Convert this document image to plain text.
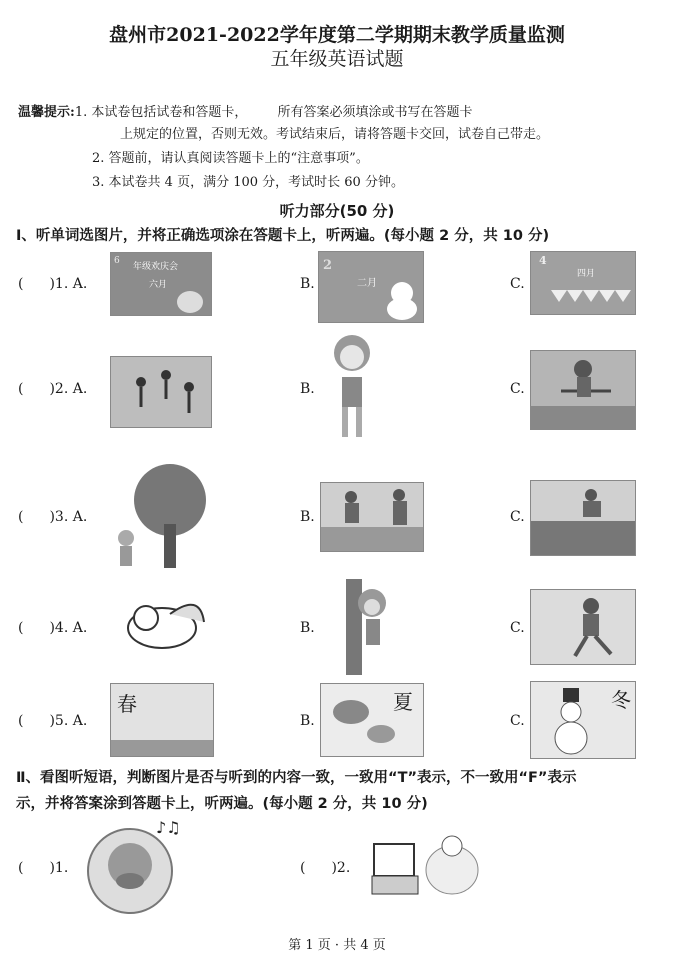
盘州市2021-2022学年度第二学期期末教学质量监测
五年级英语试题
温馨提示:1. 本试卷包括试卷和答题卡， 所有答案必须填涂或书写在答题卡
上规定的位置，否则无效。考试结束后，请将答题卡交回，试卷自己带走。
2. 答题前，请认真阅读答题卡上的“注意事项”。
3. 本试卷共 4 页，满分 100 分，考试时长 60 分钟。
听力部分(50 分)
Ⅰ、听单词选图片，并将正确选项涂在答题卡上，听两遍。(每小题 2 分，共 10 分)
( )1. A.
6
年级欢庆会
六月	B.
2
二月	C.
4
四月
( )2. A.	B.	C.
( )3. A.	B.	C.
( )4. A.	B.	C.
( )5. A.
春
B.
夏
C.
冬
Ⅱ、看图听短语，判断图片是否与听到的内容一致，一致用“T”表示，不一致用“F”表示
示，并将答案涂到答题卡上，听两遍。(每小题 2 分，共 10 分)
( )1.
♪♫
( )2.
第 1 页 · 共 4 页
